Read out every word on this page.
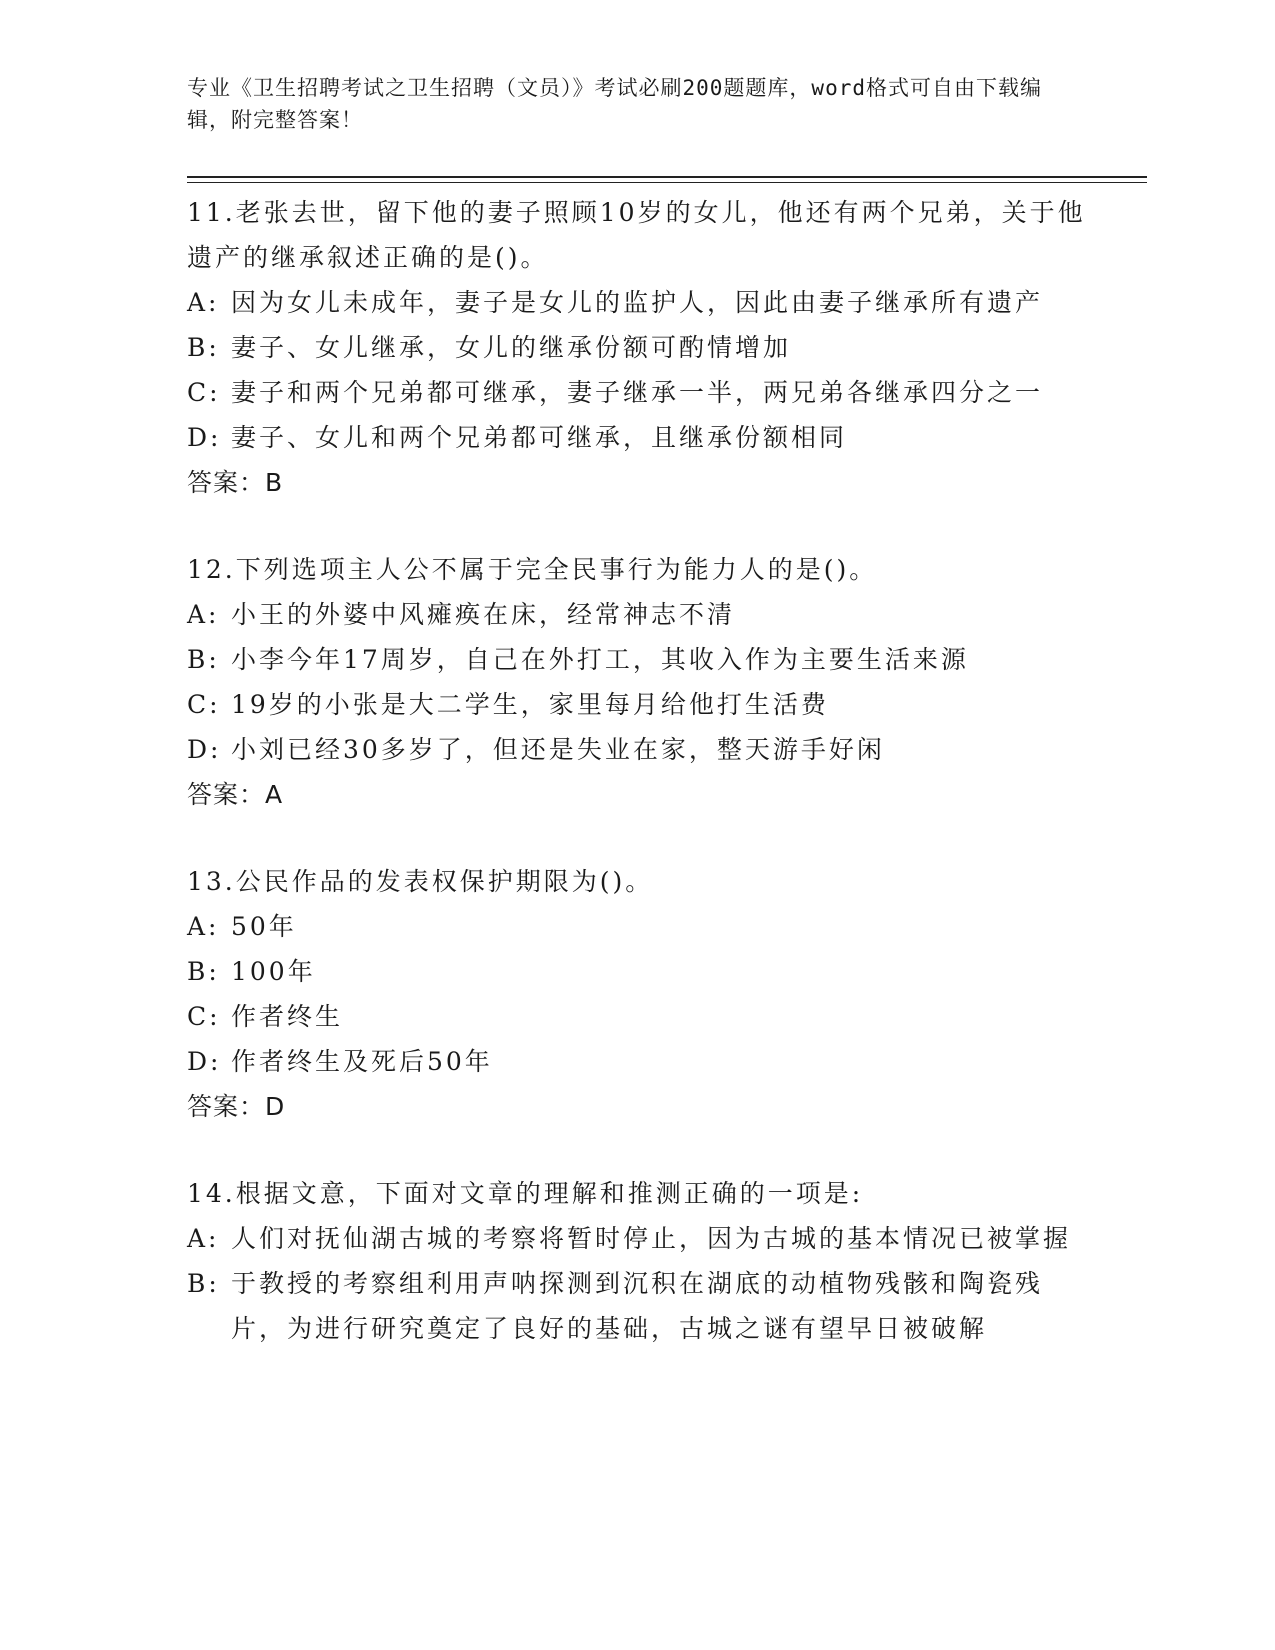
专业《卫生招聘考试之卫生招聘（文员）》考试必刷200题题库，word格式可自由下载编辑，附完整答案！
11.老张去世，留下他的妻子照顾10岁的女儿，他还有两个兄弟，关于他遗产的继承叙述正确的是()。
A: 因为女儿未成年，妻子是女儿的监护人，因此由妻子继承所有遗产
B: 妻子、女儿继承，女儿的继承份额可酌情增加
C: 妻子和两个兄弟都可继承，妻子继承一半，两兄弟各继承四分之一
D: 妻子、女儿和两个兄弟都可继承，且继承份额相同
答案：B
12.下列选项主人公不属于完全民事行为能力人的是()。
A: 小王的外婆中风瘫痪在床，经常神志不清
B: 小李今年17周岁，自己在外打工，其收入作为主要生活来源
C: 19岁的小张是大二学生，家里每月给他打生活费
D: 小刘已经30多岁了，但还是失业在家，整天游手好闲
答案：A
13.公民作品的发表权保护期限为()。
A: 50年
B: 100年
C: 作者终生
D: 作者终生及死后50年
答案：D
14.根据文意，下面对文章的理解和推测正确的一项是:
A: 人们对抚仙湖古城的考察将暂时停止，因为古城的基本情况已被掌握
B: 于教授的考察组利用声呐探测到沉积在湖底的动植物残骸和陶瓷残片，为进行研究奠定了良好的基础，古城之谜有望早日被破解
